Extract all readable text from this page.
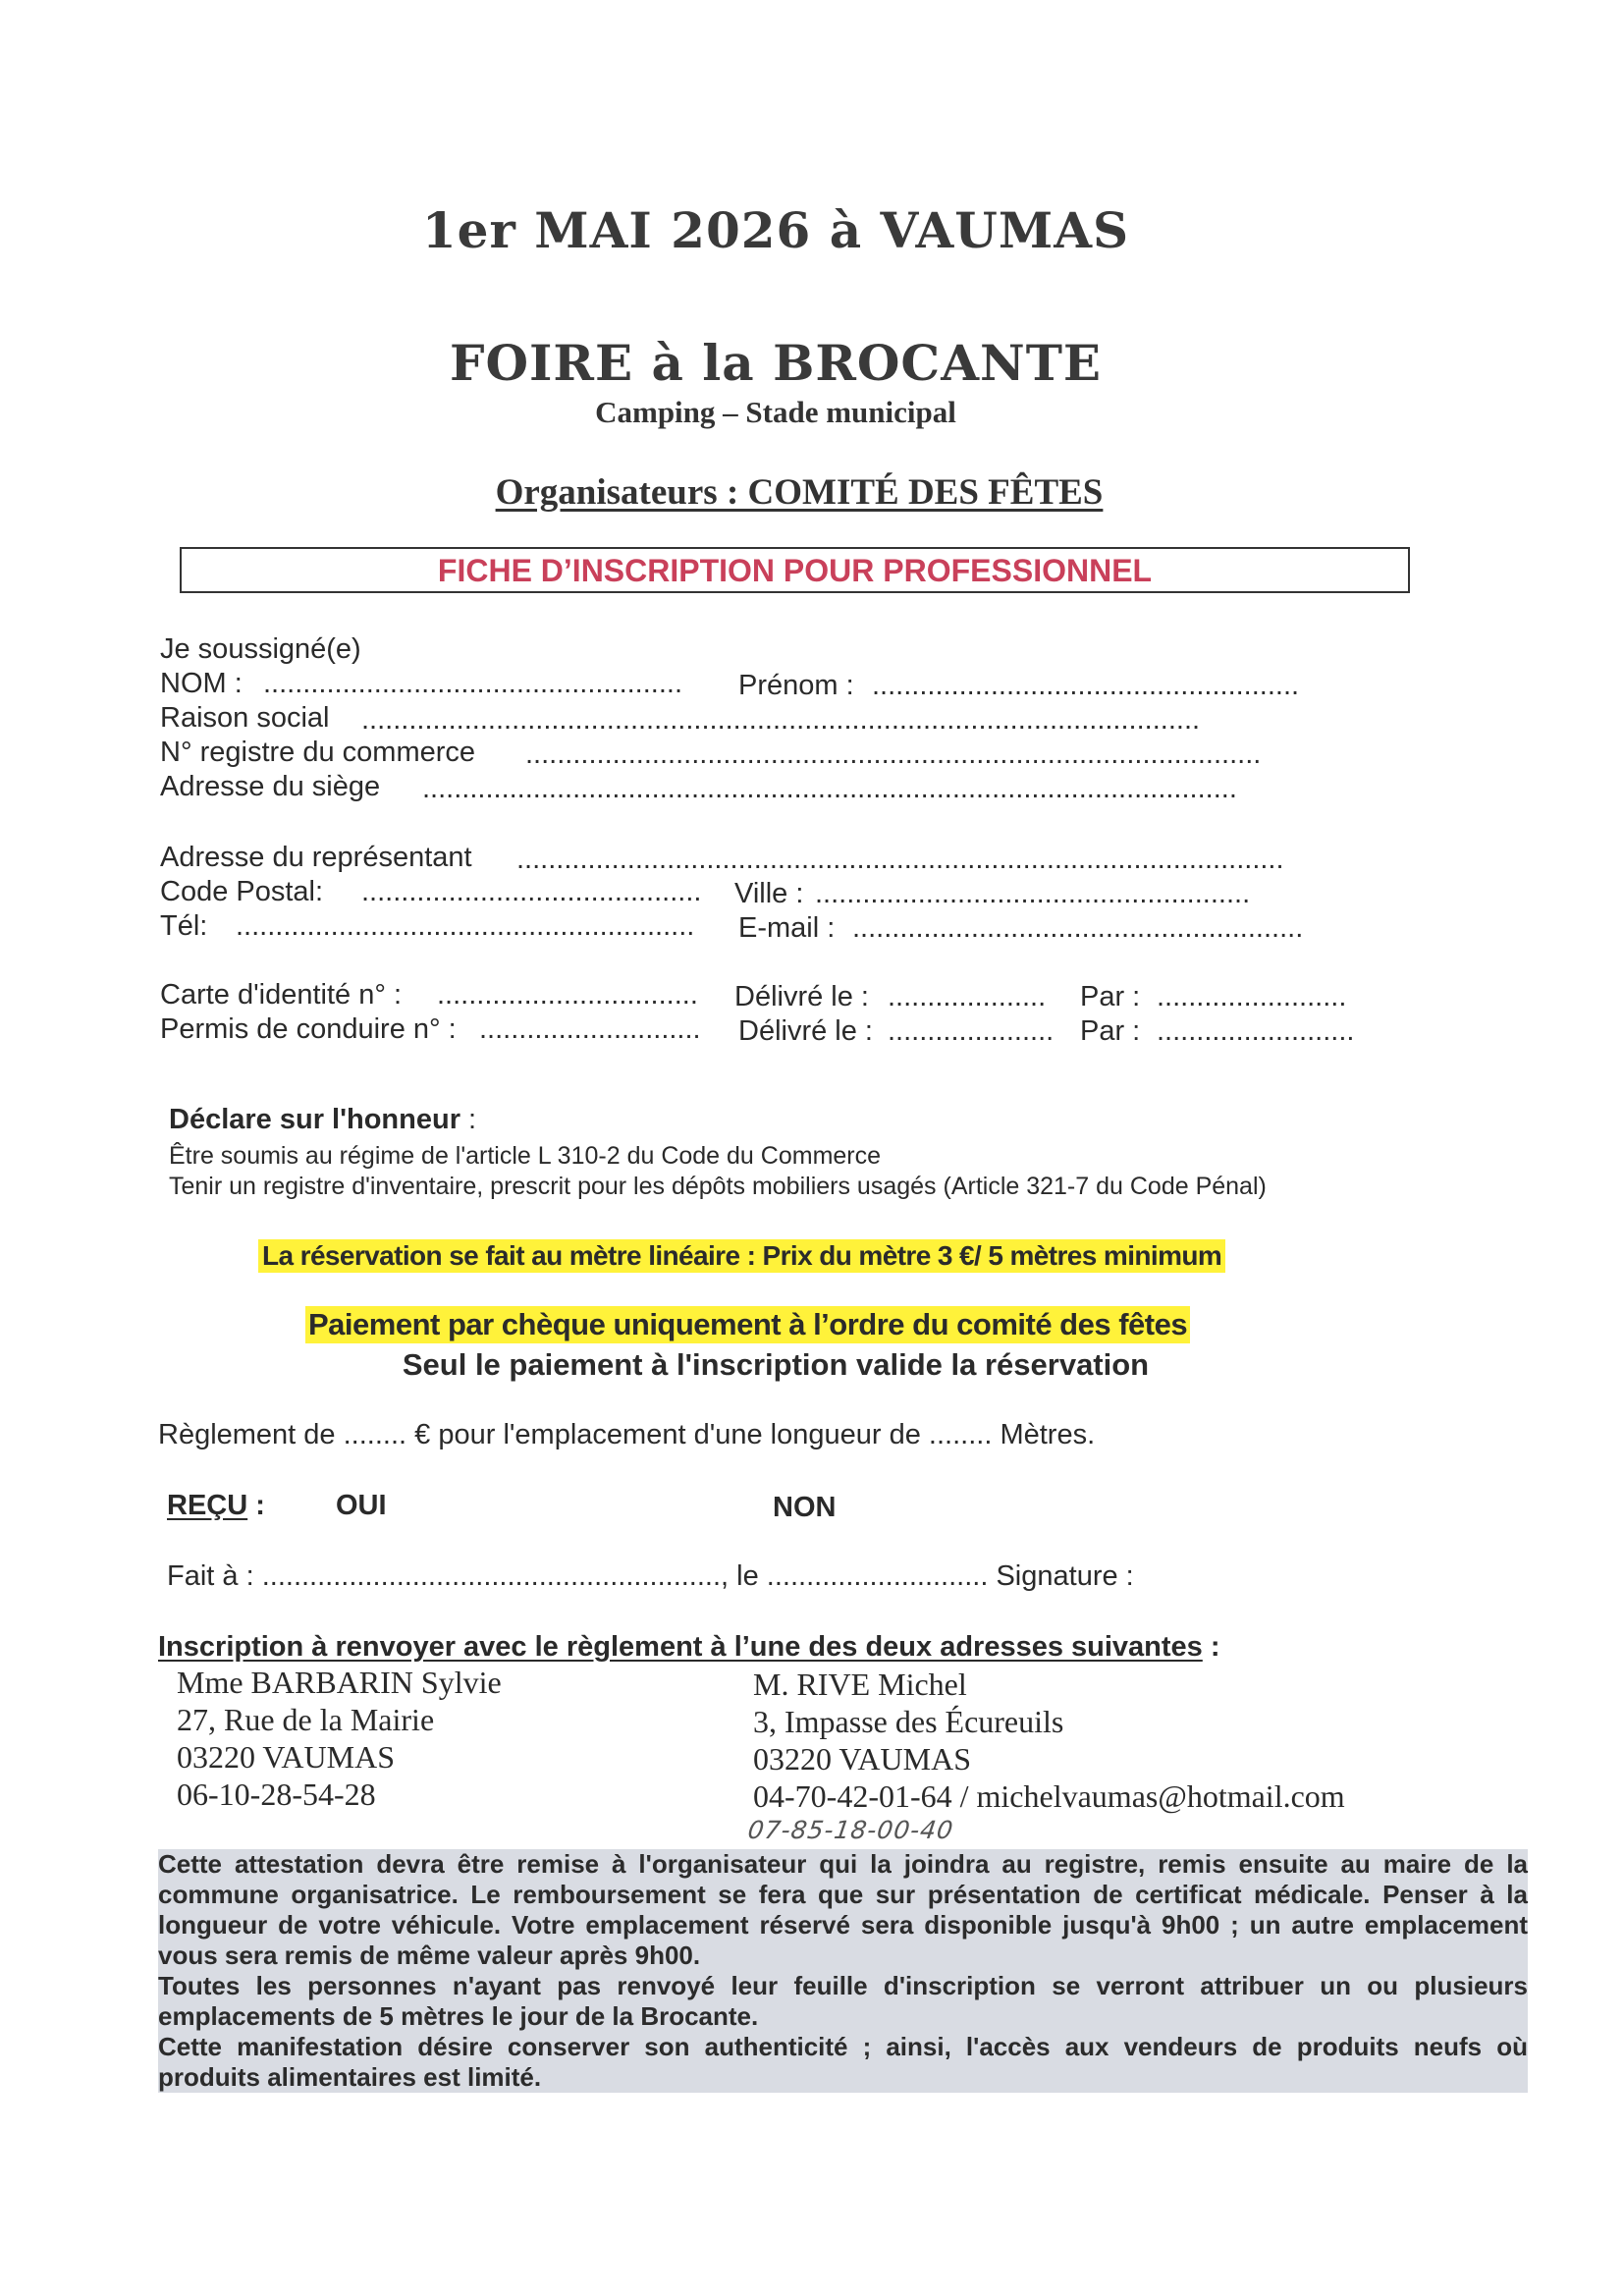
1er MAI 2026 à VAUMAS
FOIRE à la BROCANTE
Camping – Stade municipal
Organisateurs : COMITÉ DES FÊTES
FICHE D’INSCRIPTION POUR PROFESSIONNEL
Je soussigné(e)
NOM : ..................................................... Prénom : ......................................................
Raison social ..........................................................................................................
N° registre du commerce .............................................................................................
Adresse du siège .......................................................................................................
Adresse du représentant .................................................................................................
Code Postal: ........................................... Ville : .......................................................
Tél: .......................................................... E-mail : .........................................................
Carte d'identité n° : ................................. Délivré le : .................... Par : ........................
Permis de conduire n° : ............................ Délivré le : ..................... Par : .........................
Déclare sur l'honneur :
Être soumis au régime de l'article L 310-2 du Code du Commerce
Tenir un registre d'inventaire, prescrit pour les dépôts mobiliers usagés (Article 321-7 du Code Pénal)
La réservation se fait au mètre linéaire : Prix du mètre 3 €/ 5 mètres minimum
Paiement par chèque uniquement à l’ordre du comité des fêtes
Seul le paiement à l'inscription valide la réservation
Règlement de ........ € pour l'emplacement d'une longueur de ........ Mètres.
REÇU : OUI	NON
Fait à : .........................................................., le ............................ Signature :
Inscription à renvoyer avec le règlement à l’une des deux adresses suivantes :
Mme BARBARIN Sylvie
27, Rue de la Mairie
03220 VAUMAS
06-10-28-54-28
M. RIVE Michel
3, Impasse des Écureuils
03220 VAUMAS
04-70-42-01-64 / michelvaumas@hotmail.com
07-85-18-00-40
Cette attestation devra être remise à l'organisateur qui la joindra au registre, remis ensuite au maire de la commune organisatrice. Le remboursement se fera que sur présentation de certificat médicale. Penser à la longueur de votre véhicule. Votre emplacement réservé sera disponible jusqu'à 9h00 ; un autre emplacement vous sera remis de même valeur après 9h00.
Toutes les personnes n'ayant pas renvoyé leur feuille d'inscription se verront attribuer un ou plusieurs emplacements de 5 mètres le jour de la Brocante.
Cette manifestation désire conserver son authenticité ; ainsi, l'accès aux vendeurs de produits neufs où produits alimentaires est limité.
